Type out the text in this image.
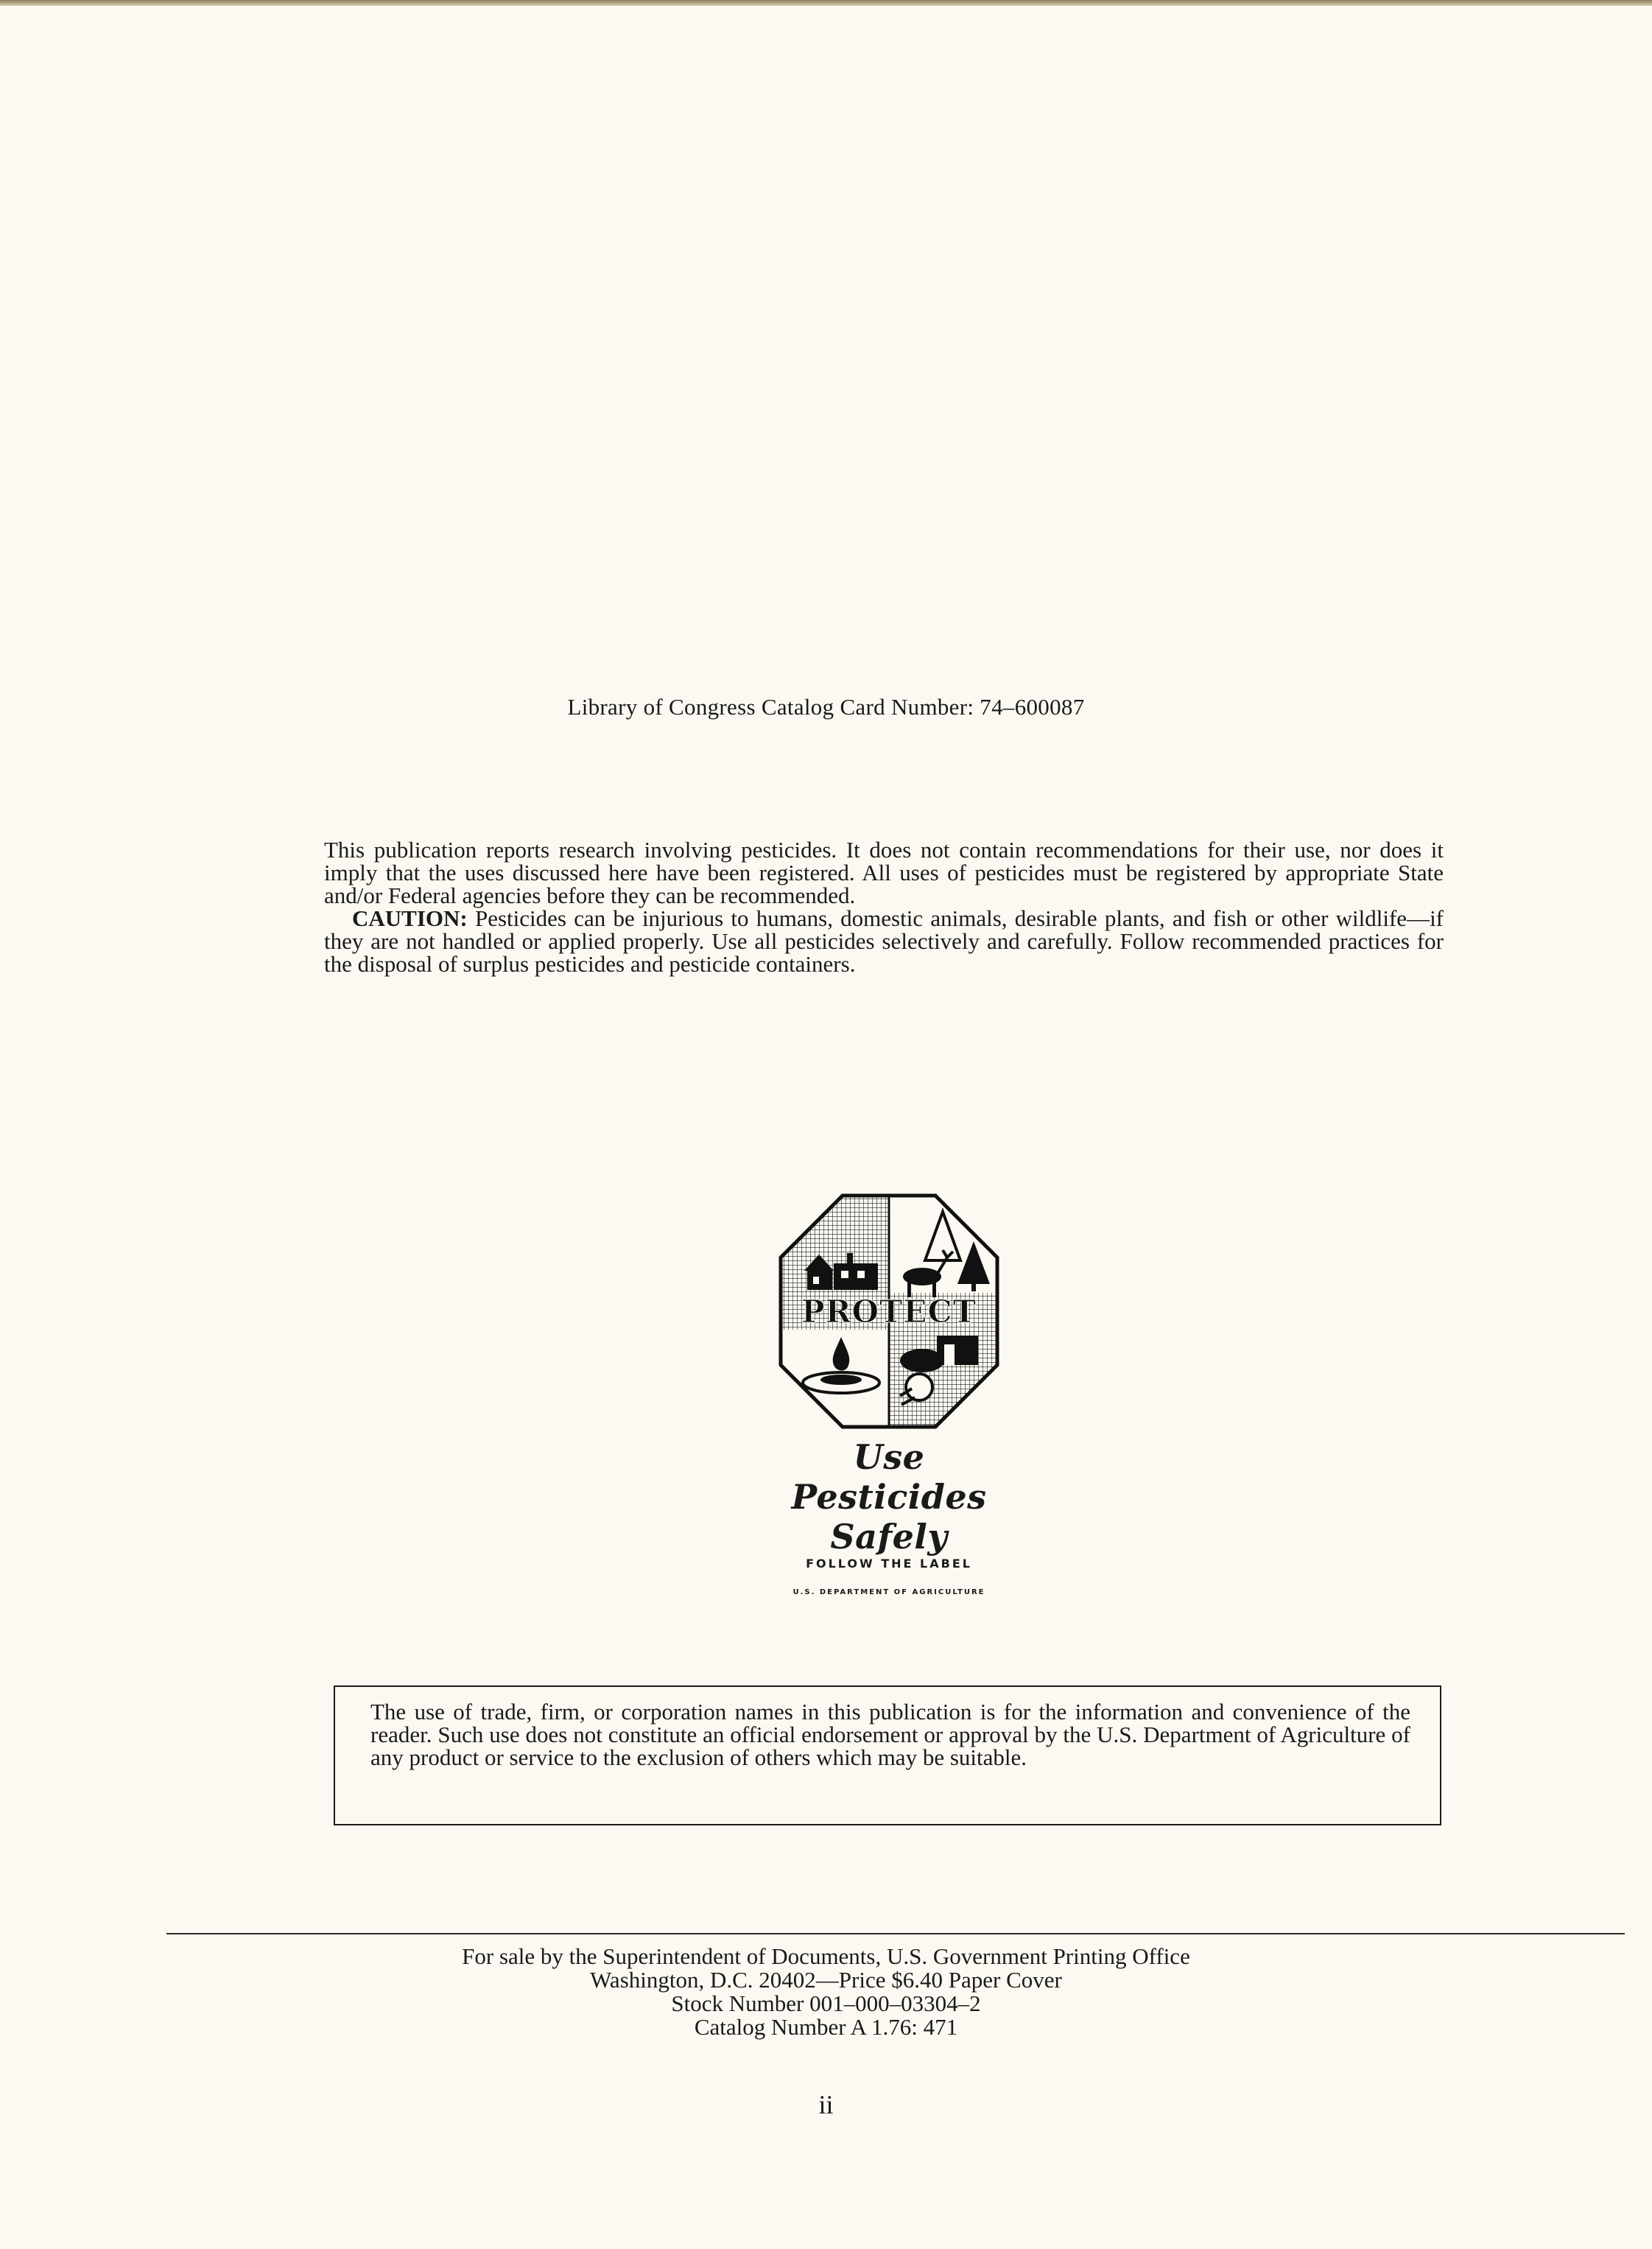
Library of Congress Catalog Card Number: 74–600087

This publication reports research involving pesticides. It does not contain recommendations for their use, nor does it imply that the uses discussed here have been registered. All uses of pesticides must be registered by appropriate State and/or Federal agencies before they can be recommended.

CAUTION: Pesticides can be injurious to humans, domestic animals, desirable plants, and fish or other wildlife—if they are not handled or applied properly. Use all pesticides selectively and carefully. Follow recommended practices for the disposal of surplus pesticides and pesticide containers.

PROTECT
Use Pesticides Safely
FOLLOW THE LABEL
U.S. DEPARTMENT OF AGRICULTURE
The use of trade, firm, or corporation names in this publication is for the information and convenience of the reader. Such use does not constitute an official endorsement or approval by the U.S. Department of Agriculture of any product or service to the exclusion of others which may be suitable.
For sale by the Superintendent of Documents, U.S. Government Printing Office
Washington, D.C. 20402—Price $6.40 Paper Cover
Stock Number 001–000–03304–2
Catalog Number A 1.76: 471
ii
